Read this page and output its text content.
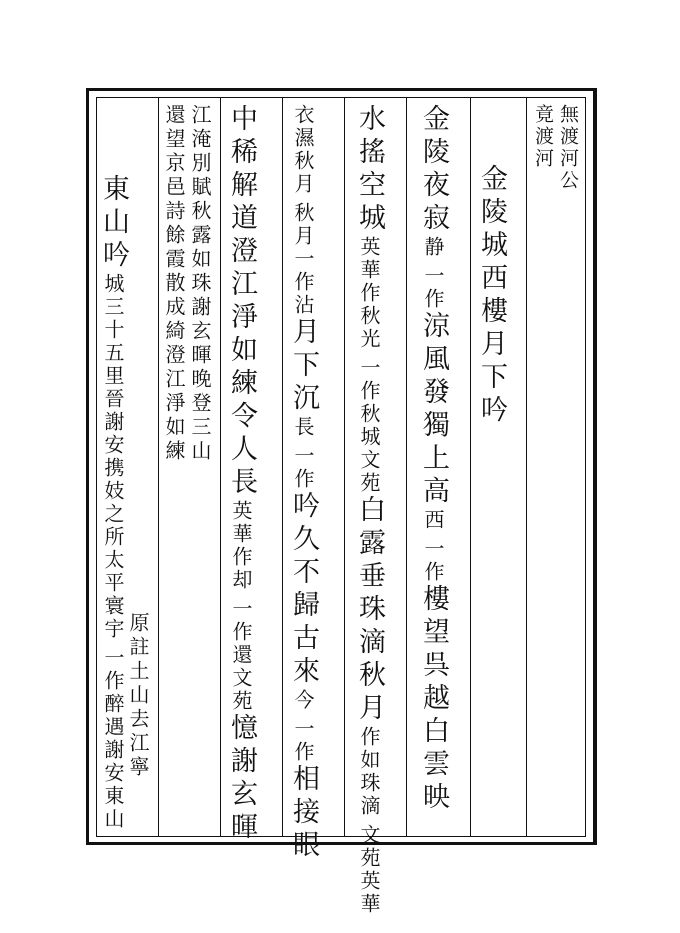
無渡河公
竟渡河
金陵城西樓月下吟
金陵夜寂
一作
静
涼風發獨上高
一作
西
樓望呉越白雲映
水搖空城
一作秋城文苑
英華作秋光
白露垂珠滴秋月
文苑英華
作如珠滴
秋月一作沾
衣濕秋月
月下沉
一作
長
吟久不歸古來
一作
今
相接眼
中稀解道澄江淨如練令人長
一作還文苑
英華作却
憶謝玄暉
江淹別賦秋露如珠謝玄暉晚登三山
還望京邑詩餘霞散成綺澄江淨如練
東山吟
一作醉遇謝安東山
城三十五里晉謝安携妓之所太平寰宇
原註土山去江寧
